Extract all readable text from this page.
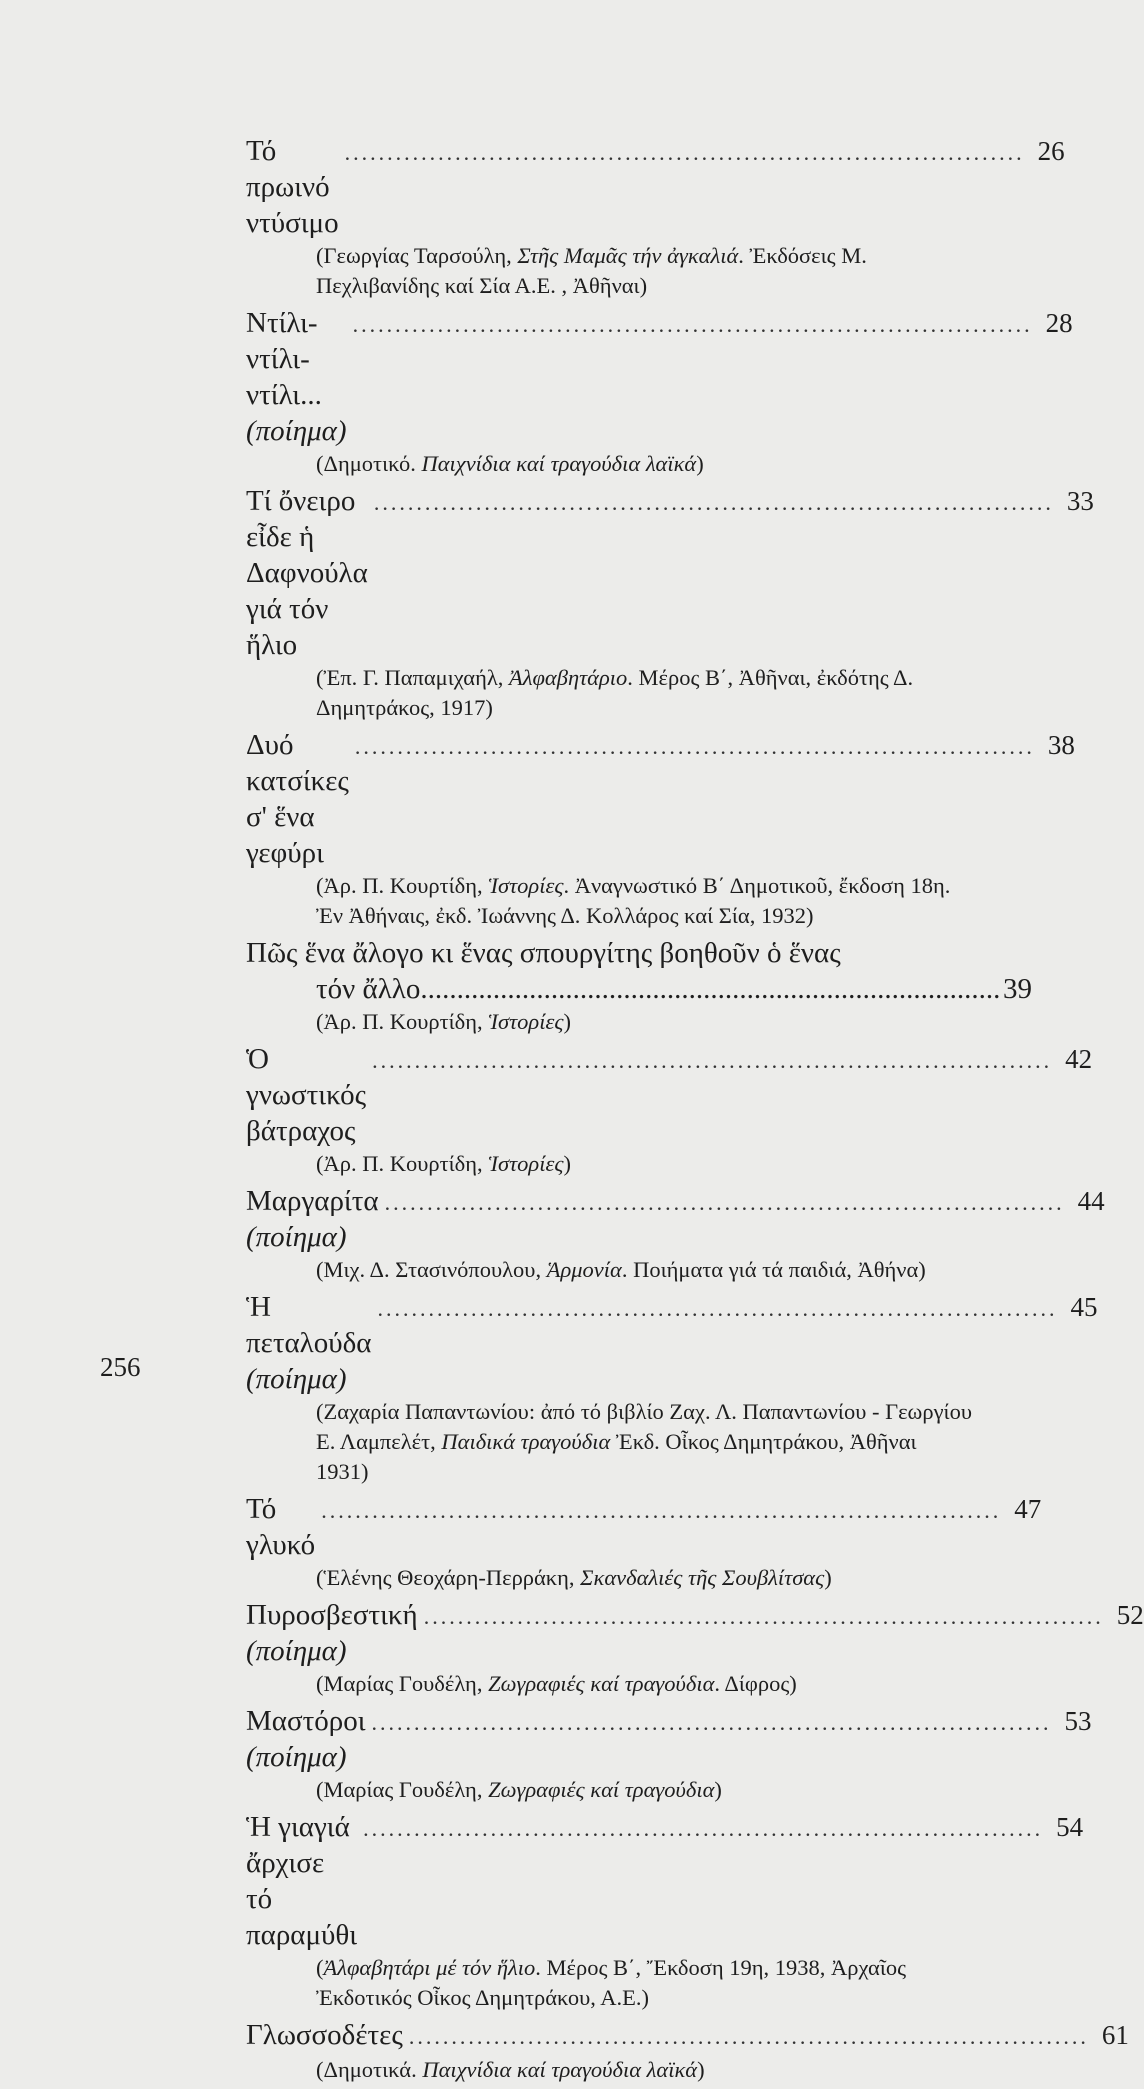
Τό πρωινό ντύσιμο
................................................................................ 26
(Γεωργίας Ταρσούλη, Στῆς Μαμᾶς τήν ἀγκαλιά. Ἐκδόσεις Μ. Πεχλιβανίδης καί Σία Α.Ε. , Ἀθῆναι)
Ντίλι-ντίλι-ντίλι... (ποίημα)
................................................................................ 28
(Δημοτικό. Παιχνίδια καί τραγούδια λαϊκά)
Τί ὄνειρο εἶδε ἡ Δαφνούλα γιά τόν ἥλιο
................................................................................ 33
(Ἐπ. Γ. Παπαμιχαήλ, Ἀλφαβητάριο. Μέρος Β΄, Ἀθῆναι, ἐκδότης Δ. Δημητράκος, 1917)
Δυό κατσίκες σ' ἕνα γεφύρι
................................................................................ 38
(Ἀρ. Π. Κουρτίδη, Ἱστορίες. Ἀναγνωστικό Β΄ Δημοτικοῦ, ἔκδοση 18η. Ἐν Ἀθήναις, ἐκδ. Ἰωάννης Δ. Κολλάρος καί Σία, 1932)
Πῶς ἕνα ἄλογο κι ἕνας σπουργίτης βοηθοῦν ὁ ἕνας
τόν ἄλλο ................................................................................ 39
(Ἀρ. Π. Κουρτίδη, Ἱστορίες)
Ὁ γνωστικός βάτραχος
................................................................................ 42
(Ἀρ. Π. Κουρτίδη, Ἱστορίες)
Μαργαρίτα (ποίημα)
................................................................................ 44
(Μιχ. Δ. Στασινόπουλου, Ἁρμονία. Ποιήματα γιά τά παιδιά, Ἀθήνα)
Ἡ πεταλούδα (ποίημα)
................................................................................ 45
(Ζαχαρία Παπαντωνίου: ἀπό τό βιβλίο Ζαχ. Λ. Παπαντωνίου - Γεωργίου Ε. Λαμπελέτ, Παιδικά τραγούδια Ἐκδ. Οἶκος Δημητράκου, Ἀθῆναι 1931)
Τό γλυκό
................................................................................ 47
(Ἑλένης Θεοχάρη-Περράκη, Σκανδαλιές τῆς Σουβλίτσας)
Πυροσβεστική (ποίημα)
................................................................................ 52
(Μαρίας Γουδέλη, Ζωγραφιές καί τραγούδια. Δίφρος)
Μαστόροι (ποίημα)
................................................................................ 53
(Μαρίας Γουδέλη, Ζωγραφιές καί τραγούδια)
Ἡ γιαγιά ἄρχισε τό παραμύθι
................................................................................ 54
(Ἀλφαβητάρι μέ τόν ἥλιο. Μέρος Β΄, Ἔκδοση 19η, 1938, Ἀρχαῖος Ἐκδοτικός Οἶκος Δημητράκου, Α.Ε.)
Γλωσσοδέτες ................................................................................ 61
(Δημοτικά. Παιχνίδια καί τραγούδια λαϊκά)
256
